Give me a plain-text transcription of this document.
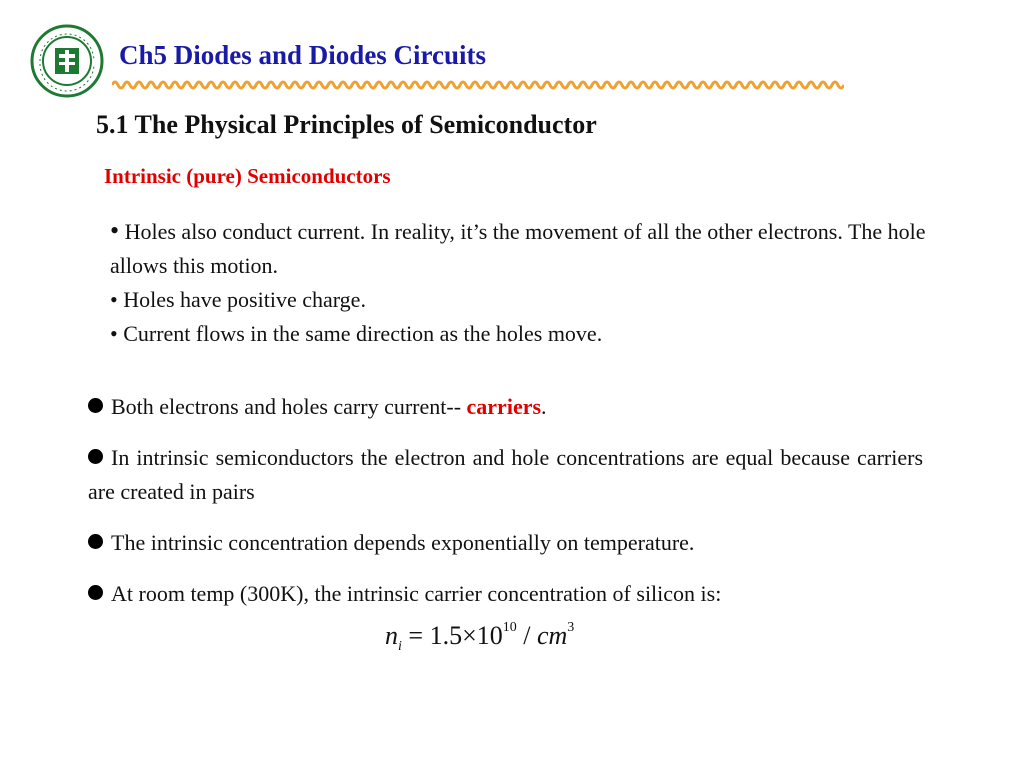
Ch5 Diodes and Diodes Circuits
5.1 The Physical Principles of Semiconductor
Intrinsic (pure) Semiconductors

• Holes also conduct current. In reality, it’s the movement of all the other electrons. The hole allows this motion.

• Holes have positive charge.

• Current flows in the same direction as the holes move.

Both electrons and holes carry current-- carriers.

In intrinsic semiconductors the electron and hole concentrations are equal because carriers are created in pairs

The intrinsic concentration depends exponentially on temperature.

At room temp (300K), the intrinsic carrier concentration of silicon is:

$n_i = 1.5\times 10^{10} / cm^3$
